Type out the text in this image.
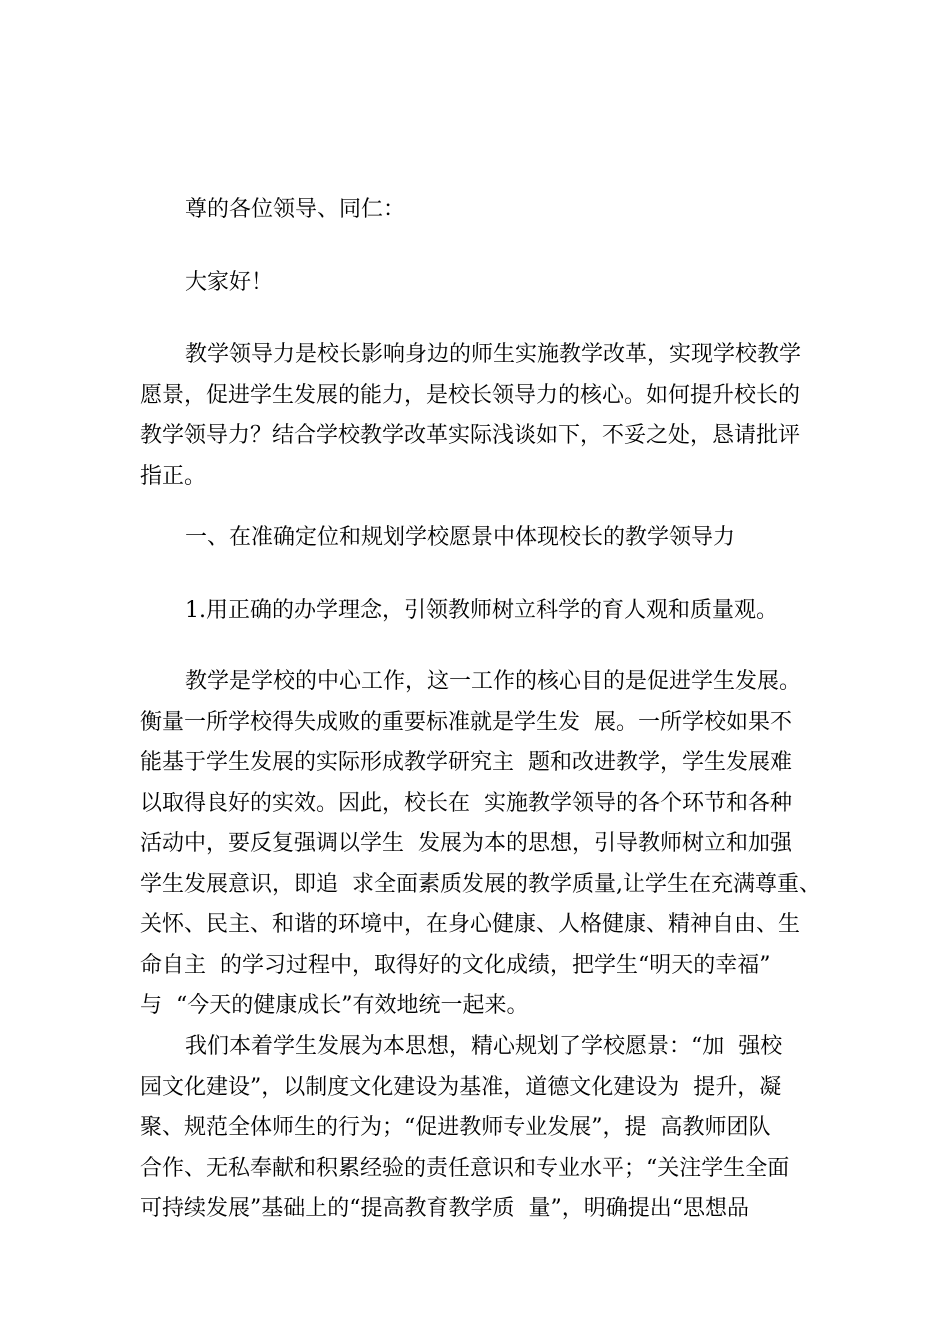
尊的各位领导、同仁：

大家好！

教学领导力是校长影响身边的师生实施教学改革，实现学校教学
愿景，促进学生发展的能力，是校长领导力的核心。如何提升校长的
教学领导力？结合学校教学改革实际浅谈如下，不妥之处，恳请批评
指正。

一、在准确定位和规划学校愿景中体现校长的教学领导力

1.用正确的办学理念，引领教师树立科学的育人观和质量观。

教学是学校的中心工作，这一工作的核心目的是促进学生发展。
衡量一所学校得失成败的重要标准就是学生发  展。一所学校如果不
能基于学生发展的实际形成教学研究主  题和改进教学，学生发展难
以取得良好的实效。因此，校长在  实施教学领导的各个环节和各种
活动中，要反复强调以学生  发展为本的思想，引导教师树立和加强
学生发展意识，即追  求全面素质发展的教学质量,让学生在充满尊重、
关怀、民主、和谐的环境中，在身心健康、人格健康、精神自由、生
命自主  的学习过程中，取得好的文化成绩，把学生“明天的幸福”
与  “今天的健康成长”有效地统一起来。

我们本着学生发展为本思想，精心规划了学校愿景：“加  强校
园文化建设”，以制度文化建设为基准，道德文化建设为  提升，凝
聚、规范全体师生的行为；“促进教师专业发展”，提  高教师团队
合作、无私奉献和积累经验的责任意识和专业水平；“关注学生全面
可持续发展”基础上的“提高教育教学质  量”，明确提出“思想品
